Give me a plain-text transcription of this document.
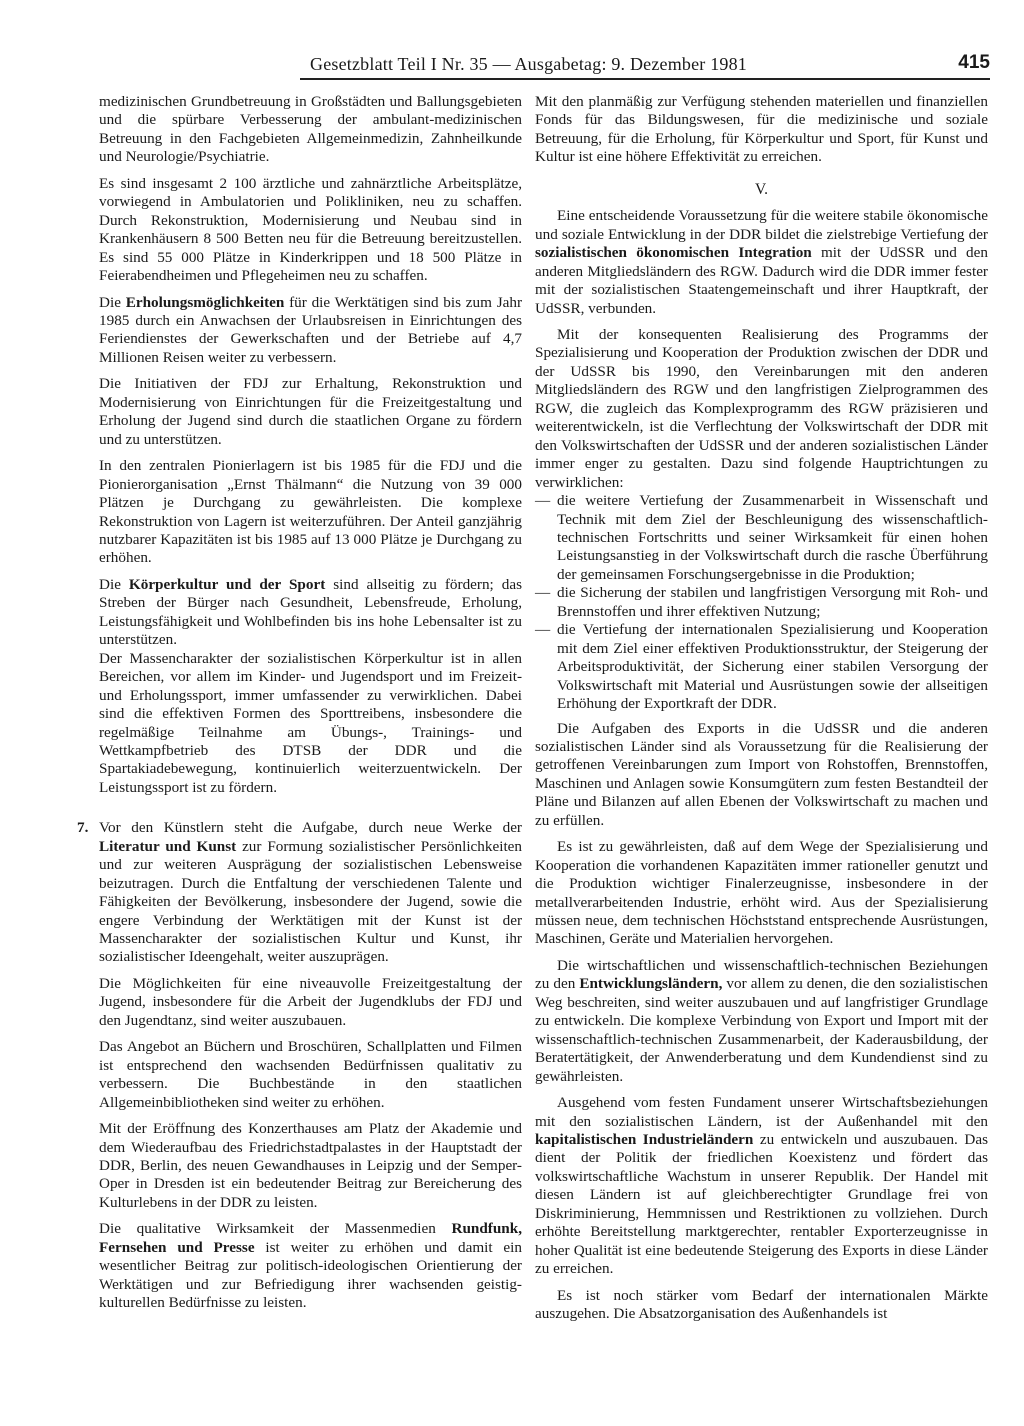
Gesetzblatt Teil I Nr. 35 — Ausgabetag: 9. Dezember 1981	415

medizinischen Grundbetreuung in Großstädten und Ballungsgebieten und die spürbare Verbesserung der ambulant-medizinischen Betreuung in den Fachgebieten Allgemeinmedizin, Zahnheilkunde und Neurologie/Psychiatrie.

Es sind insgesamt 2 100 ärztliche und zahnärztliche Arbeitsplätze, vorwiegend in Ambulatorien und Polikliniken, neu zu schaffen. Durch Rekonstruktion, Modernisierung und Neubau sind in Krankenhäusern 8 500 Betten neu für die Betreuung bereitzustellen. Es sind 55 000 Plätze in Kinderkrippen und 18 500 Plätze in Feierabendheimen und Pflegeheimen neu zu schaffen.

Die Erholungsmöglichkeiten für die Werktätigen sind bis zum Jahr 1985 durch ein Anwachsen der Urlaubsreisen in Einrichtungen des Feriendienstes der Gewerkschaften und der Betriebe auf 4,7 Millionen Reisen weiter zu verbessern.

Die Initiativen der FDJ zur Erhaltung, Rekonstruktion und Modernisierung von Einrichtungen für die Freizeitgestaltung und Erholung der Jugend sind durch die staatlichen Organe zu fördern und zu unterstützen.

In den zentralen Pionierlagern ist bis 1985 für die FDJ und die Pionierorganisation „Ernst Thälmann“ die Nutzung von 39 000 Plätzen je Durchgang zu gewährleisten. Die komplexe Rekonstruktion von Lagern ist weiterzuführen. Der Anteil ganzjährig nutzbarer Kapazitäten ist bis 1985 auf 13 000 Plätze je Durchgang zu erhöhen.

Die Körperkultur und der Sport sind allseitig zu fördern; das Streben der Bürger nach Gesundheit, Lebensfreude, Erholung, Leistungsfähigkeit und Wohlbefinden bis ins hohe Lebensalter ist zu unterstützen.

Der Massencharakter der sozialistischen Körperkultur ist in allen Bereichen, vor allem im Kinder- und Jugendsport und im Freizeit- und Erholungssport, immer umfassender zu verwirklichen. Dabei sind die effektiven Formen des Sporttreibens, insbesondere die regelmäßige Teilnahme am Übungs-, Trainings- und Wettkampfbetrieb des DTSB der DDR und die Spartakiadebewegung, kontinuierlich weiterzuentwickeln. Der Leistungssport ist zu fördern.

7. Vor den Künstlern steht die Aufgabe, durch neue Werke der Literatur und Kunst zur Formung sozialistischer Persönlichkeiten und zur weiteren Ausprägung der sozialistischen Lebensweise beizutragen. Durch die Entfaltung der verschiedenen Talente und Fähigkeiten der Bevölkerung, insbesondere der Jugend, sowie die engere Verbindung der Werktätigen mit der Kunst ist der Massencharakter der sozialistischen Kultur und Kunst, ihr sozialistischer Ideengehalt, weiter auszuprägen.

Die Möglichkeiten für eine niveauvolle Freizeitgestaltung der Jugend, insbesondere für die Arbeit der Jugendklubs der FDJ und den Jugendtanz, sind weiter auszubauen.

Das Angebot an Büchern und Broschüren, Schallplatten und Filmen ist entsprechend den wachsenden Bedürfnissen qualitativ zu verbessern. Die Buchbestände in den staatlichen Allgemeinbibliotheken sind weiter zu erhöhen.

Mit der Eröffnung des Konzerthauses am Platz der Akademie und dem Wiederaufbau des Friedrichstadtpalastes in der Hauptstadt der DDR, Berlin, des neuen Gewandhauses in Leipzig und der Semper-Oper in Dresden ist ein bedeutender Beitrag zur Bereicherung des Kulturlebens in der DDR zu leisten.

Die qualitative Wirksamkeit der Massenmedien Rundfunk, Fernsehen und Presse ist weiter zu erhöhen und damit ein wesentlicher Beitrag zur politisch-ideologischen Orientierung der Werktätigen und zur Befriedigung ihrer wachsenden geistig-kulturellen Bedürfnisse zu leisten.

Mit den planmäßig zur Verfügung stehenden materiellen und finanziellen Fonds für das Bildungswesen, für die medizinische und soziale Betreuung, für die Erholung, für Körperkultur und Sport, für Kunst und Kultur ist eine höhere Effektivität zu erreichen.

V.

Eine entscheidende Voraussetzung für die weitere stabile ökonomische und soziale Entwicklung in der DDR bildet die zielstrebige Vertiefung der sozialistischen ökonomischen Integration mit der UdSSR und den anderen Mitgliedsländern des RGW. Dadurch wird die DDR immer fester mit der sozialistischen Staatengemeinschaft und ihrer Hauptkraft, der UdSSR, verbunden.

Mit der konsequenten Realisierung des Programms der Spezialisierung und Kooperation der Produktion zwischen der DDR und der UdSSR bis 1990, den Vereinbarungen mit den anderen Mitgliedsländern des RGW und den langfristigen Zielprogrammen des RGW, die zugleich das Komplexprogramm des RGW präzisieren und weiterentwickeln, ist die Verflechtung der Volkswirtschaft der DDR mit den Volkswirtschaften der UdSSR und der anderen sozialistischen Länder immer enger zu gestalten. Dazu sind folgende Hauptrichtungen zu verwirklichen:

— die weitere Vertiefung der Zusammenarbeit in Wissenschaft und Technik mit dem Ziel der Beschleunigung des wissenschaftlich-technischen Fortschritts und seiner Wirksamkeit für einen hohen Leistungsanstieg in der Volkswirtschaft durch die rasche Überführung der gemeinsamen Forschungsergebnisse in die Produktion;
— die Sicherung der stabilen und langfristigen Versorgung mit Roh- und Brennstoffen und ihrer effektiven Nutzung;
— die Vertiefung der internationalen Spezialisierung und Kooperation mit dem Ziel einer effektiven Produktionsstruktur, der Steigerung der Arbeitsproduktivität, der Sicherung einer stabilen Versorgung der Volkswirtschaft mit Material und Ausrüstungen sowie der allseitigen Erhöhung der Exportkraft der DDR.

Die Aufgaben des Exports in die UdSSR und die anderen sozialistischen Länder sind als Voraussetzung für die Realisierung der getroffenen Vereinbarungen zum Import von Rohstoffen, Brennstoffen, Maschinen und Anlagen sowie Konsumgütern zum festen Bestandteil der Pläne und Bilanzen auf allen Ebenen der Volkswirtschaft zu machen und zu erfüllen.

Es ist zu gewährleisten, daß auf dem Wege der Spezialisierung und Kooperation die vorhandenen Kapazitäten immer rationeller genutzt und die Produktion wichtiger Finalerzeugnisse, insbesondere in der metallverarbeitenden Industrie, erhöht wird. Aus der Spezialisierung müssen neue, dem technischen Höchststand entsprechende Ausrüstungen, Maschinen, Geräte und Materialien hervorgehen.

Die wirtschaftlichen und wissenschaftlich-technischen Beziehungen zu den Entwicklungsländern, vor allem zu denen, die den sozialistischen Weg beschreiten, sind weiter auszubauen und auf langfristiger Grundlage zu entwickeln. Die komplexe Verbindung von Export und Import mit der wissenschaftlich-technischen Zusammenarbeit, der Kaderausbildung, der Beratertätigkeit, der Anwenderberatung und dem Kundendienst sind zu gewährleisten.

Ausgehend vom festen Fundament unserer Wirtschaftsbeziehungen mit den sozialistischen Ländern, ist der Außenhandel mit den kapitalistischen Industrieländern zu entwickeln und auszubauen. Das dient der Politik der friedlichen Koexistenz und fördert das volkswirtschaftliche Wachstum in unserer Republik. Der Handel mit diesen Ländern ist auf gleichberechtigter Grundlage frei von Diskriminierung, Hemmnissen und Restriktionen zu vollziehen. Durch erhöhte Bereitstellung marktgerechter, rentabler Exporterzeugnisse in hoher Qualität ist eine bedeutende Steigerung des Exports in diese Länder zu erreichen.

Es ist noch stärker vom Bedarf der internationalen Märkte auszugehen. Die Absatzorganisation des Außenhandels ist
